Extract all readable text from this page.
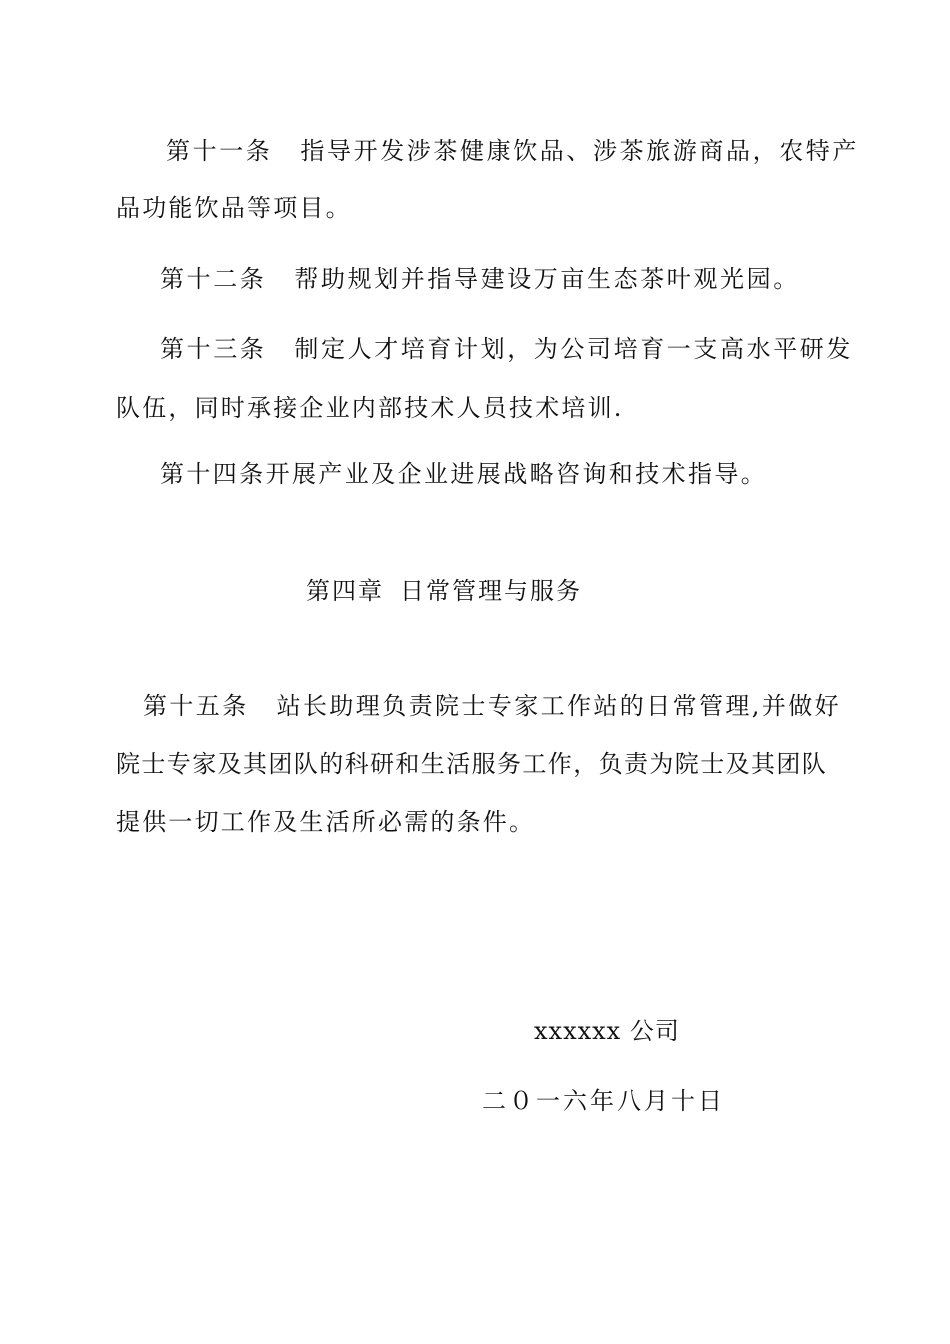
第十一条 指导开发涉茶健康饮品、涉茶旅游商品，农特产

品功能饮品等项目。

第十二条 帮助规划并指导建设万亩生态茶叶观光园。

第十三条 制定人才培育计划，为公司培育一支高水平研发

队伍，同时承接企业内部技术人员技术培训.

第十四条开展产业及企业进展战略咨询和技术指导。

第四章 日常管理与服务

第十五条 站长助理负责院士专家工作站的日常管理,并做好

院士专家及其团队的科研和生活服务工作，负责为院士及其团队

提供一切工作及生活所必需的条件。

xxxxxx 公司

二０一六年八月十日
